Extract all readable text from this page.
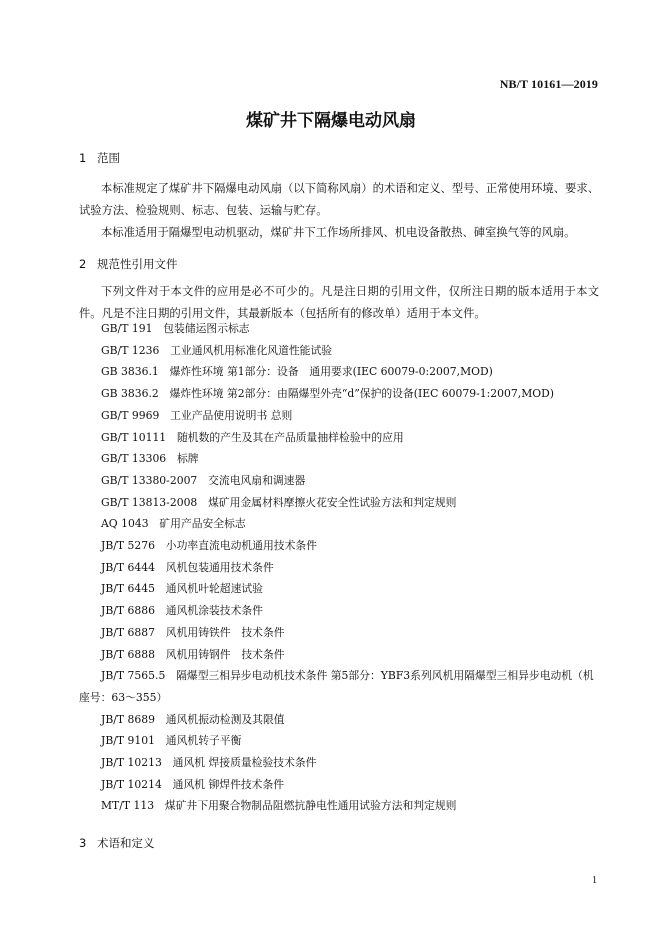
NB/T 10161—2019
煤矿井下隔爆电动风扇
1 范围

本标准规定了煤矿井下隔爆电动风扇（以下简称风扇）的术语和定义、型号、正常使用环境、要求、试验方法、检验规则、标志、包装、运输与贮存。

本标准适用于隔爆型电动机驱动，煤矿井下工作场所排风、机电设备散热、硨室换气等的风扇。

2 规范性引用文件

下列文件对于本文件的应用是必不可少的。凡是注日期的引用文件，仅所注日期的版本适用于本文件。凡是不注日期的引用文件，其最新版本（包括所有的修改单）适用于本文件。

GB/T 191　包装储运图示标志
GB/T 1236　工业通风机用标准化风道性能试验
GB 3836.1　爆炸性环境 第1部分：设备　通用要求(IEC 60079-0:2007,MOD)
GB 3836.2　爆炸性环境 第2部分：由隔爆型外壳“d”保护的设备(IEC 60079-1:2007,MOD)
GB/T 9969　工业产品使用说明书 总则
GB/T 10111　随机数的产生及其在产品质量抽样检验中的应用
GB/T 13306　标牌
GB/T 13380-2007　交流电风扇和调速器
GB/T 13813-2008　煤矿用金属材料摩擦火花安全性试验方法和判定规则
AQ 1043　矿用产品安全标志
JB/T 5276　小功率直流电动机通用技术条件
JB/T 6444　风机包装通用技术条件
JB/T 6445　通风机叶轮超速试验
JB/T 6886　通风机涂装技术条件
JB/T 6887　风机用铸铁件　技术条件
JB/T 6888　风机用铸钢件　技术条件
JB/T 7565.5　隔爆型三相异步电动机技术条件 第5部分：YBF3系列风机用隔爆型三相异步电动机（机座号：63～355）
JB/T 8689　通风机振动检测及其限值
JB/T 9101　通风机转子平衡
JB/T 10213　通风机 焊接质量检验技术条件
JB/T 10214　通风机 铆焊件技术条件
MT/T 113　煤矿井下用聚合物制品阻燃抗静电性通用试验方法和判定规则
3 术语和定义
1
